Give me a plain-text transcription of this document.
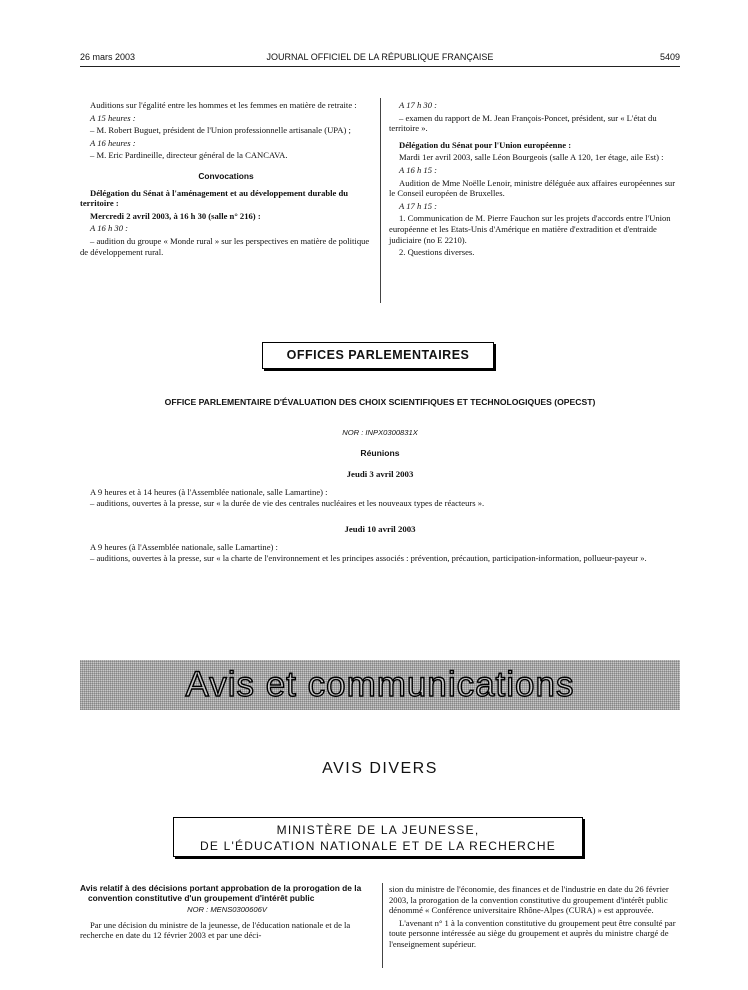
26 mars 2003	JOURNAL OFFICIEL DE LA RÉPUBLIQUE FRANÇAISE	5409

Auditions sur l'égalité entre les hommes et les femmes en matière de retraite :

A 15 heures :

– M. Robert Buguet, président de l'Union professionnelle artisanale (UPA) ;

A 16 heures :

– M. Eric Pardineille, directeur général de la CANCAVA.

Convocations

Délégation du Sénat à l'aménagement et au développement durable du territoire :

Mercredi 2 avril 2003, à 16 h 30 (salle n° 216) :

A 16 h 30 :

– audition du groupe « Monde rural » sur les perspectives en matière de politique de développement rural.

A 17 h 30 :

– examen du rapport de M. Jean François-Poncet, président, sur « L'état du territoire ».

Délégation du Sénat pour l'Union européenne :

Mardi 1er avril 2003, salle Léon Bourgeois (salle A 120, 1er étage, aile Est) :

A 16 h 15 :

Audition de Mme Noëlle Lenoir, ministre déléguée aux affaires européennes sur le Conseil européen de Bruxelles.

A 17 h 15 :

1. Communication de M. Pierre Fauchon sur les projets d'accords entre l'Union européenne et les Etats-Unis d'Amérique en matière d'extradition et d'entraide judiciaire (no E 2210).

2. Questions diverses.

OFFICES PARLEMENTAIRES
OFFICE PARLEMENTAIRE D'ÉVALUATION DES CHOIX SCIENTIFIQUES ET TECHNOLOGIQUES (OPECST)
NOR : INPX0300831X
Réunions
Jeudi 3 avril 2003

A 9 heures et à 14 heures (à l'Assemblée nationale, salle Lamartine) :

– auditions, ouvertes à la presse, sur « la durée de vie des centrales nucléaires et les nouveaux types de réacteurs ».

Jeudi 10 avril 2003

A 9 heures (à l'Assemblée nationale, salle Lamartine) :

– auditions, ouvertes à la presse, sur « la charte de l'environnement et les principes associés : prévention, précaution, participation-information, pollueur-payeur ».

Avis et communications
AVIS DIVERS
MINISTÈRE DE LA JEUNESSE,
DE L'ÉDUCATION NATIONALE ET DE LA RECHERCHE

Avis relatif à des décisions portant approbation de la prorogation de la convention constitutive d'un groupement d'intérêt public

NOR : MENS0300606V

Par une décision du ministre de la jeunesse, de l'éducation nationale et de la recherche en date du 12 février 2003 et par une déci-

sion du ministre de l'économie, des finances et de l'industrie en date du 26 février 2003, la prorogation de la convention constitutive du groupement d'intérêt public dénommé « Conférence universitaire Rhône-Alpes (CURA) » est approuvée.

L'avenant n° 1 à la convention constitutive du groupement peut être consulté par toute personne intéressée au siège du groupement et auprès du ministre chargé de l'enseignement supérieur.
